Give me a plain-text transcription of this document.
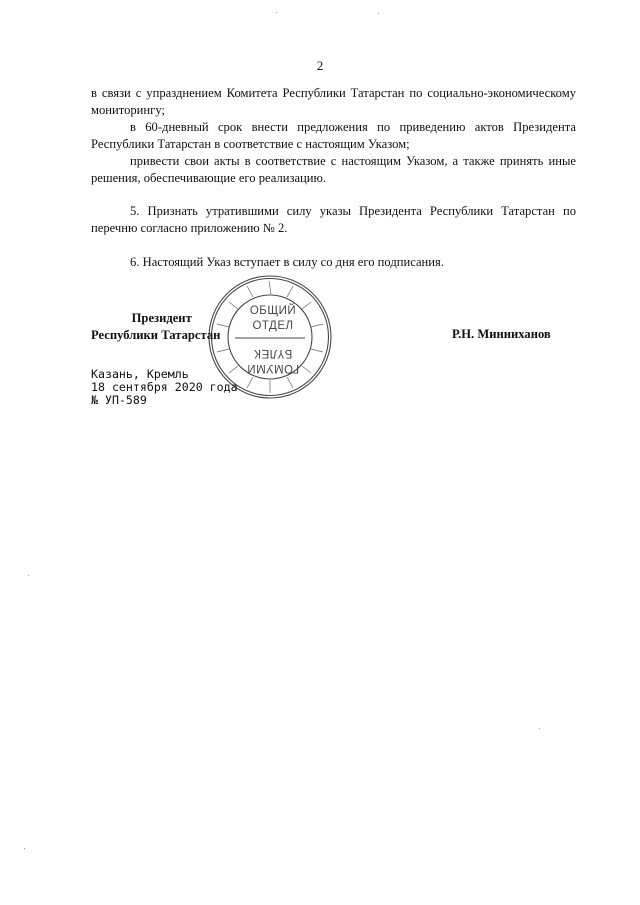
2

в связи с упразднением Комитета Республики Татарстан по социально-экономическому мониторингу;

в 60-дневный срок внести предложения по приведению актов Президента Республики Татарстан в соответствие с настоящим Указом;

привести свои акты в соответствие с настоящим Указом, а также принять иные решения, обеспечивающие его реализацию.

5. Признать утратившими силу указы Президента Республики Татарстан по перечню согласно приложению № 2.

6. Настоящий Указ вступает в силу со дня его подписания.

ОБЩИЙ
ОТДЕЛ
БҮЛЕК
ГОМУМИ
Президент
Республики Татарстан	Р.Н. Минниханов
Казань, Кремль
18 сентября 2020 года
№ УП-589
